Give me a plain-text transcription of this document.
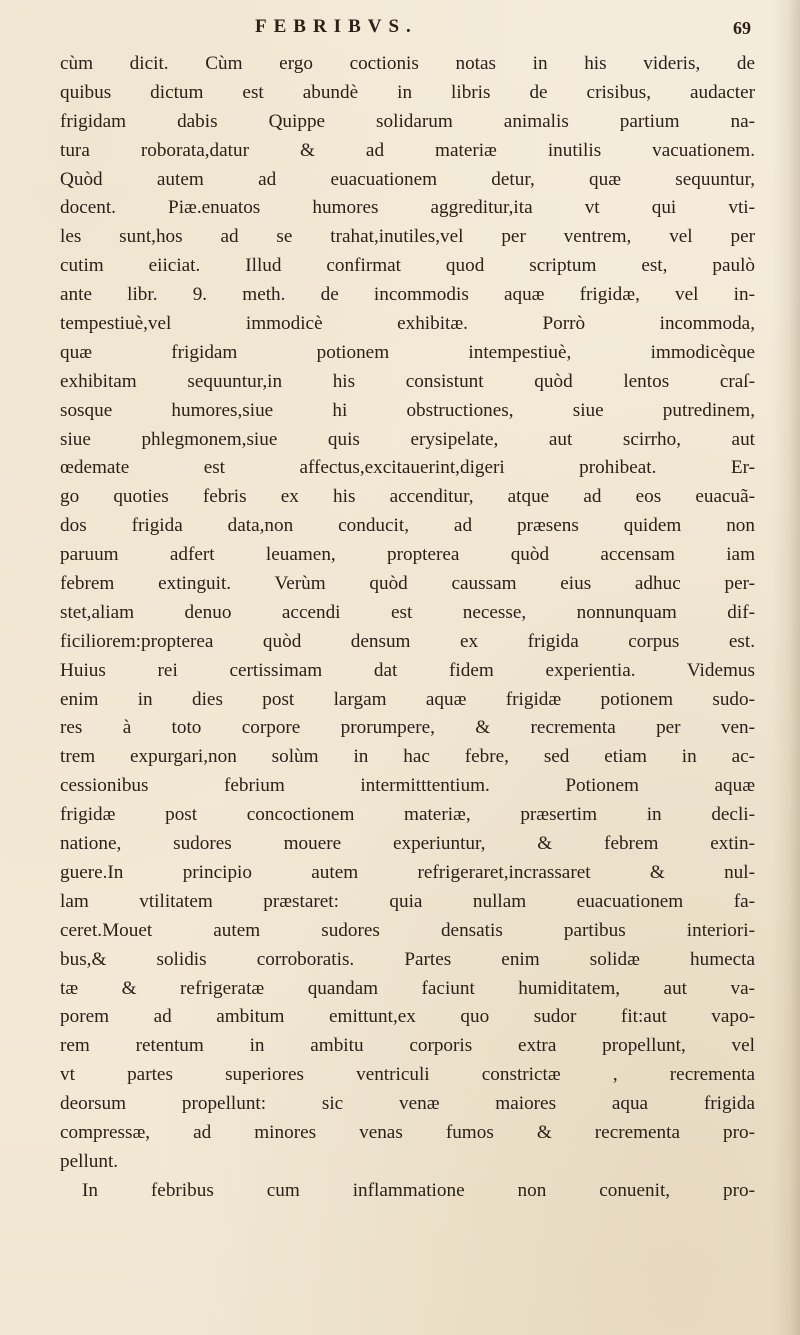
FEBRIBVS.	69
cùm dicit. Cùm ergo coctionis notas in his videris, de
quibus dictum est abundè in libris de crisibus, audacter
frigidam dabis Quippe solidarum animalis partium na-
tura roborata,datur & ad materiæ inutilis vacuationem.
Quòd autem ad euacuationem detur, quæ sequuntur,
docent. Piæ.enuatos humores aggreditur,ita vt qui vti-
les sunt,hos ad se trahat,inutiles,vel per ventrem, vel per
cutim eiiciat. Illud confirmat quod scriptum est, paulò
ante libr. 9. meth. de incommodis aquæ frigidæ, vel in-
tempestiuè,vel immodicè exhibitæ. Porrò incommoda,
quæ frigidam potionem intempestiuè, immodicèque
exhibitam sequuntur,in his consistunt quòd lentos craſ-
sosque humores,siue hi obstructiones, siue putredinem,
siue phlegmonem,siue quis erysipelate, aut scirrho, aut
œdemate est affectus,excitauerint,digeri prohibeat. Er-
go quoties febris ex his accenditur, atque ad eos euacuã-
dos frigida data,non conducit, ad præsens quidem non
paruum adfert leuamen, propterea quòd accensam iam
febrem extinguit. Verùm quòd caussam eius adhuc per-
stet,aliam denuo accendi est necesse, nonnunquam dif-
ficiliorem:propterea quòd densum ex frigida corpus est.
Huius rei certissimam dat fidem experientia. Videmus
enim in dies post largam aquæ frigidæ potionem sudo-
res à toto corpore prorumpere, & recrementa per ven-
trem expurgari,non solùm in hac febre, sed etiam in ac-
cessionibus febrium intermitttentium. Potionem aquæ
frigidæ post concoctionem materiæ, præsertim in decli-
natione, sudores mouere experiuntur, & febrem extin-
guere.In principio autem refrigeraret,incrassaret & nul-
lam vtilitatem præstaret: quia nullam euacuationem fa-
ceret.Mouet autem sudores densatis partibus interiori-
bus,& solidis corroboratis. Partes enim solidæ humecta
tæ & refrigeratæ quandam faciunt humiditatem, aut va-
porem ad ambitum emittunt,ex quo sudor fit:aut vapo-
rem retentum in ambitu corporis extra propellunt, vel
vt partes superiores ventriculi constrictæ , recrementa
deorsum propellunt: sic venæ maiores aqua frigida
compressæ, ad minores venas fumos & recrementa pro-
pellunt.
In febribus cum inflammatione non conuenit, pro-
